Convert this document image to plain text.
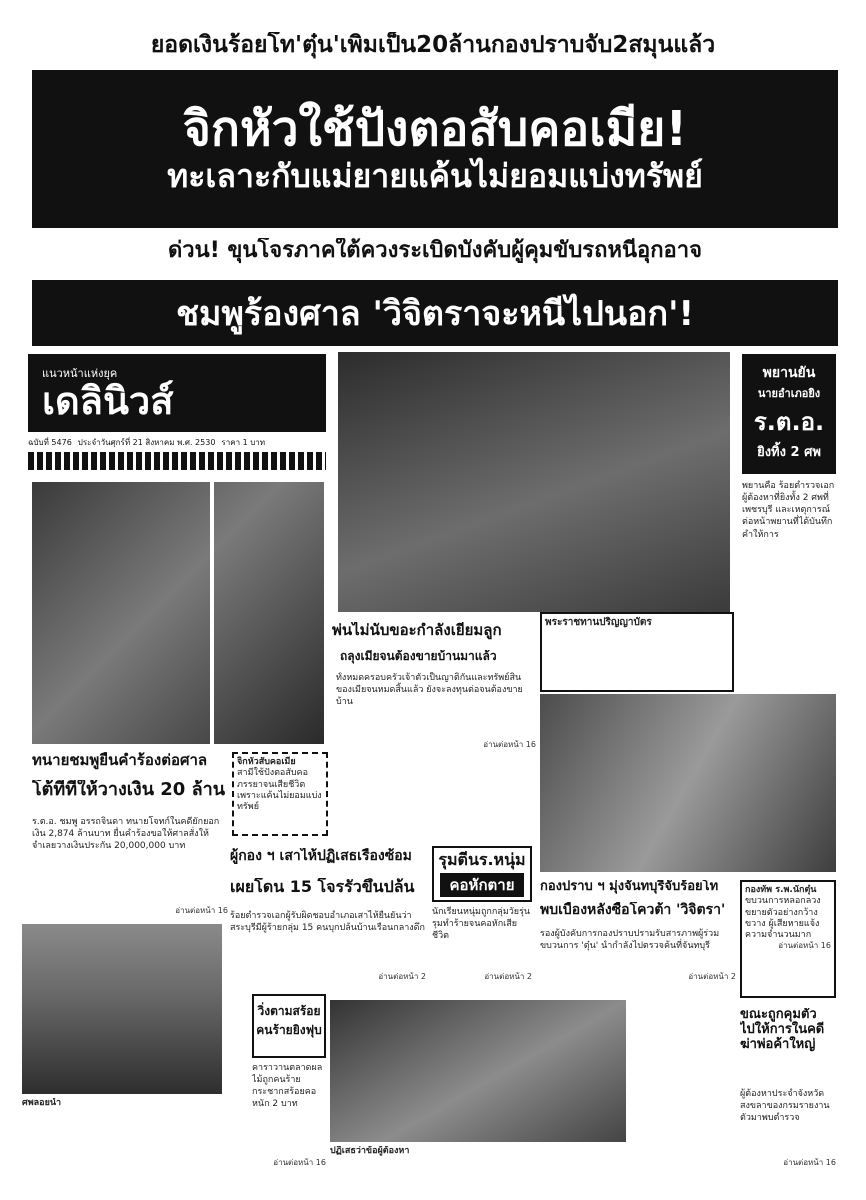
ยอดเงินร้อยโท'ตุ๋น'เพิ่มเป็น20ล้านกองปราบจับ2สมุนแล้ว
จิกหัวใช้ปังตอสับคอเมีย!
ทะเลาะกับแม่ยายแค้นไม่ยอมแบ่งทรัพย์
ด่วน! ขุนโจรภาคใต้ควงระเบิดบังคับผู้คุมขับรถหนีอุกอาจ
ชมพูร้องศาล 'วิจิตราจะหนีไปนอก'!
แนวหน้าแห่งยุค
เดลินิวส์
ฉบับที่ 5476 ประจำวันศุกร์ที่ 21 สิงหาคม พ.ศ. 2530 ราคา 1 บาท
พยานยัน
นายอำเภอยิง
ร.ต.อ.
ยิงทิ้ง 2 ศพ
พยานคือ ร้อยตำรวจเอกผู้ต้องหาที่ยิงทั้ง 2 ศพที่เพชรบุรี และเหตุการณ์ต่อหน้าพยานที่ได้บันทึกคำให้การ
พระราชทานปริญญาบัตร
พ่นไม่นับขอะกำลังเยี่ยมลูก
ถลุงเมียจนต้องขายบ้านมาแล้ว
ทั้งหมดครอบครัวเจ้าตัวเป็นญาติกันและทรัพย์สินของเมียจนหมดสิ้นแล้ว ยังจะลงทุนต่อจนต้องขายบ้าน
อ่านต่อหน้า 16
ทนายชมพูยื่นคำร้องต่อศาล
โต้ทีที่ให้วางเงิน 20 ล้าน
ร.ต.อ. ชมพู อรรถจินดา ทนายโจทก์ในคดียักยอกเงิน 2,874 ล้านบาท ยื่นคำร้องขอให้ศาลสั่งให้จำเลยวางเงินประกัน 20,000,000 บาท
อ่านต่อหน้า 16
จิกหัวสับคอเมีย
สามีใช้ปังตอสับคอภรรยาจนเสียชีวิตเพราะแค้นไม่ยอมแบ่งทรัพย์
ผู้กอง ฯ เสาไห้ปฏิเสธเรื่องซ้อม	รุมตีนร.หนุ่ม
คอหักตาย
นักเรียนหนุ่มถูกกลุ่มวัยรุ่นรุมทำร้ายจนคอหักเสียชีวิต
อ่านต่อหน้า 2
เผยโดน 15 โจรรัวขึ้นปล้น
ร้อยตำรวจเอกผู้รับผิดชอบอำเภอเสาไห้ยืนยันว่าสระบุรีมีผู้ร้ายกลุ่ม 15 คนบุกปล้นบ้านเรือนกลางดึก
อ่านต่อหน้า 2
กองปราบ ฯ มุ่งจันทบุรีจับร้อยโท
พบเบื้องหลังซื้อโควต้า 'วิจิตรา'
รองผู้บังคับการกองปราบปรามรับสารภาพผู้ร่วมขบวนการ 'ตุ๋น' นำกำลังไปตรวจค้นที่จันทบุรี
อ่านต่อหน้า 2
กองทัพ ร.พ.นักตุ๋น
ขบวนการหลอกลวงขยายตัวอย่างกว้างขวาง ผู้เสียหายแจ้งความจำนวนมาก
อ่านต่อหน้า 16
ศพลอยน้ำ
วิ่งตามสร้อย
คนร้ายยิงฟุบ
คาราวานตลาดผลไม้ถูกคนร้ายกระชากสร้อยคอหนัก 2 บาท
อ่านต่อหน้า 16
ปฏิเสธว่าข้อผู้ต้องหา
ขณะถูกคุมตัว
ไปให้การในคดี
ฆ่าพ่อค้าใหญ่
ผู้ต้องหาประจำจังหวัดสงขลาของกรมรายงานตัวมาพบตำรวจ
อ่านต่อหน้า 16
